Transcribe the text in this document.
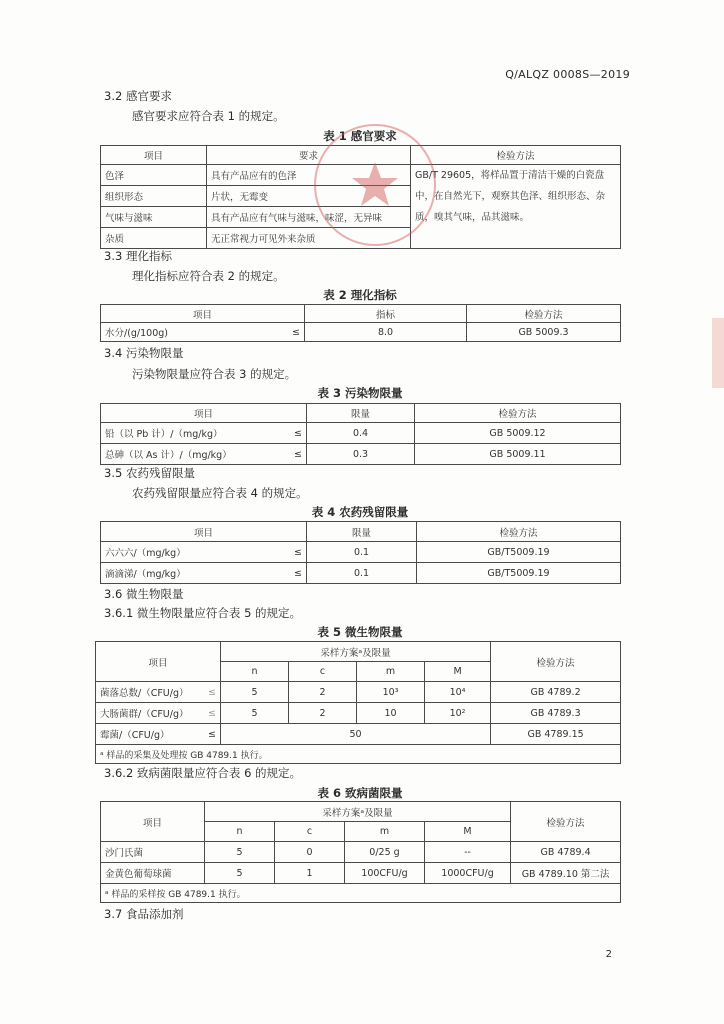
Q/ALQZ 0008S—2019
3.2 感官要求
感官要求应符合表 1 的规定。
表 1 感官要求
项目	要求	检验方法
色泽	具有产品应有的色泽	GB/T 29605，将样品置于清洁干燥的白瓷盘中，在自然光下，观察其色泽、组织形态、杂质，嗅其气味，品其滋味。
组织形态	片状，无霉变	
气味与滋味	具有产品应有气味与滋味，味涩，无异味	
杂质	无正常视力可见外来杂质	
3.3 理化指标
理化指标应符合表 2 的规定。
表 2 理化指标
项目		指标	检验方法
水分/(g/100g)	≤	8.0	GB 5009.3
3.4 污染物限量
污染物限量应符合表 3 的规定。
表 3 污染物限量
项目		限量	检验方法
铅（以 Pb 计）/（mg/kg）	≤	0.4	GB 5009.12
总砷（以 As 计）/（mg/kg）	≤	0.3	GB 5009.11
3.5 农药残留限量
农药残留限量应符合表 4 的规定。
表 4 农药残留限量
项目		限量	检验方法
六六六/（mg/kg）	≤	0.1	GB/T5009.19
滴滴涕/（mg/kg）	≤	0.1	GB/T5009.19
3.6 微生物限量
3.6.1 微生物限量应符合表 5 的规定。
表 5 微生物限量
项目		采样方案ᵃ及限量				检验方法
		n	c	m	M	
菌落总数/（CFU/g）	≤	5	2	10³	10⁴	GB 4789.2
大肠菌群/（CFU/g）	≤	5	2	10	10²	GB 4789.3
霉菌/（CFU/g）	≤	50				GB 4789.15
ᵃ 样品的采集及处理按 GB 4789.1 执行。						
3.6.2 致病菌限量应符合表 6 的规定。
表 6 致病菌限量
项目	采样方案ᵃ及限量				检验方法
	n	c	m	M	
沙门氏菌	5	0	0/25 g	--	GB 4789.4
金黄色葡萄球菌	5	1	100CFU/g	1000CFU/g	GB 4789.10 第二法
ᵃ 样品的采样按 GB 4789.1 执行。					
3.7 食品添加剂
2
